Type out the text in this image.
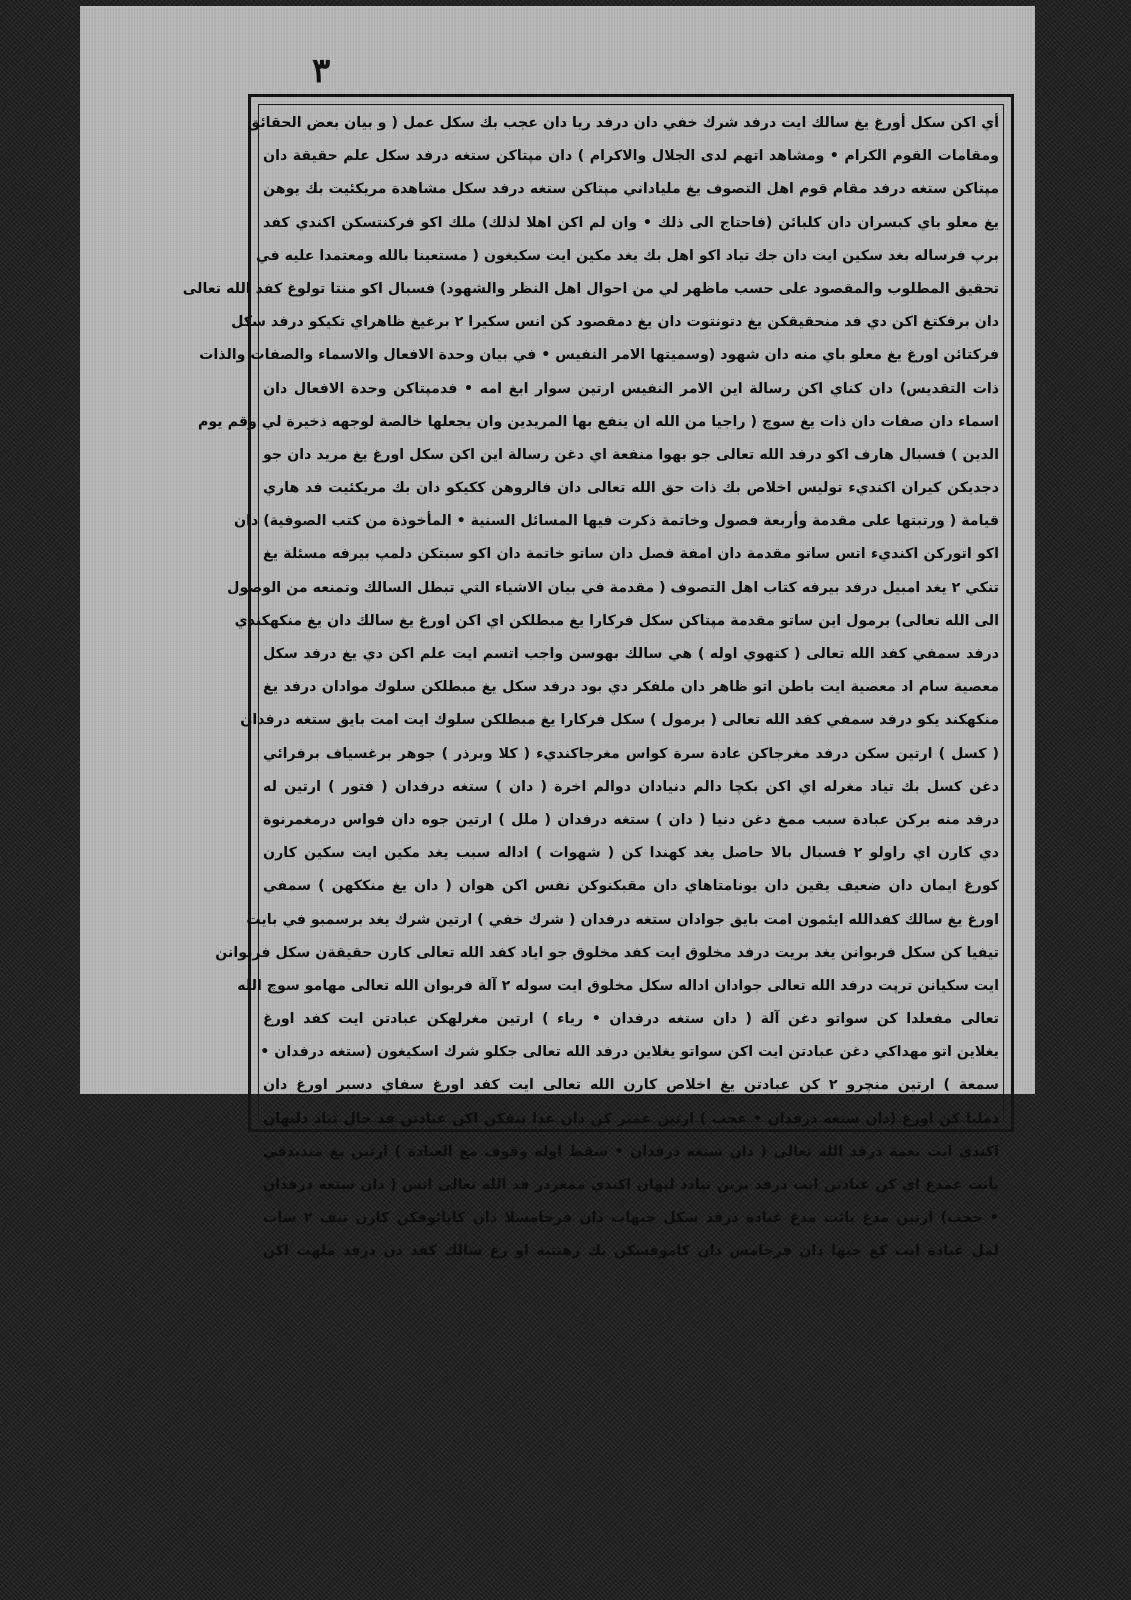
٣
أي اكن سكل أورغ يغ سالك ايت درفد شرك خفي دان درفد ريا دان عجب بك سكل عمل ( و بيان بعض الحقائق
ومقامات القوم الكرام • ومشاهد اتهم لدى الجلال والاكرام ) دان مپتاكن ستغه درفد سكل علم حقيقة دان
مپتاكن ستغه درفد مقام قوم اهل التصوف يغ ملياداني مپتاكن ستغه درفد سكل مشاهدة مريكئيت بك يوهن
يغ معلو باي كبسران دان كلبائن (فاحتاج الى ذلك • وان لم اكن اهلا لذلك) ملك اكو فركنتسكن اكندي كفد
برپ فرساله بغد سكين ايت دان جك تياد اكو اهل بك يغد مكين ايت سكيغون ( مستعينا بالله ومعتمدا عليه في
تحقيق المطلوب والمقصود على حسب ماظهر لي من احوال اهل النظر والشهود) فسبال اكو منتا تولوغ كفد الله تعالى
دان برفكتغ اكن دي فد منحقيقكن يغ دتونتوت دان يغ دمقصود كن انس سكيرا ٢ برغيغ ظاهراي تكيكو درفد سكل
فركتائن اورغ يغ معلو باي منه دان شهود (وسميتها الامر النفيس • في بيان وحدة الافعال والاسماء والصفات والذات
ذات التقديس) دان كناي اكن رسالة اين الامر النفيس ارتين سوار ابغ امه • فدمپتاكن وحدة الافعال دان
اسماء دان صفات دان ذات يغ سوچ ( راجيا من الله ان ينفع بها المريدين وان يجعلها خالصة لوجهه ذخيرة لي وقم يوم
الدين ) فسبال هارف اكو درفد الله تعالى جو بهوا منفعة اي دغن رسالة اين اكن سكل اورغ يغ مريد دان جو
دجديكن كيران اكنديء توليس اخلاص بك ذات حق الله تعالى دان فالروهن ككيكو دان بك مريكئيت فد هاري
قيامة ( ورتبتها على مقدمة وأربعة فصول وخاتمة ذكرت فيها المسائل السنية • المأخوذة من كتب الصوفية) دان
اكو اتوركن اكنديء اتس ساتو مقدمة دان امفة فصل دان ساتو خاتمة دان اكو سبتكن دلمپ بيرفه مسئلة يغ
تنكي ٢ يغد امبيل درفد بيرفه كتاب اهل التصوف ( مقدمة في بيان الاشياء التي تبطل السالك وتمنعه من الوصول
الى الله تعالى) برمول اين ساتو مقدمة مپتاكن سكل فركارا يغ مبطلكن اي اكن اورغ يغ سالك دان يغ منكهكندي
درفد سمفي كفد الله تعالى ( كتهوي اوله ) هي سالك بهوسن واجب اتسم ايت علم اكن دي يغ درفد سكل
معصية سام اد معصية ايت باطن اتو ظاهر دان ملفكر دي بود درفد سكل يغ مبطلكن سلوك موادان درفد يغ
منكهكند يكو درفد سمفي كفد الله تعالى ( برمول ) سكل فركارا يغ مبطلكن سلوك ايت امت بايق ستغه درفدان
( كسل ) ارتين سكن درفد مغرجاكن عادة سرة كواس مغرجاكنديء ( كلا وبرذر ) جوهر برغسياف برفرائي
دغن كسل بك تياد مغرله اي اكن بكچا دالم دنيادان دوالم اخرة ( دان ) ستغه درفدان ( فتور ) ارتين له
درفد منه بركن عبادة سبب ممغ دغن دنيا ( دان ) ستغه درفدان ( ملل ) ارتين جوه دان فواس درمغمرنوة
دي كارن اي راولو ٢ فسبال بالا حاصل يغد كهندا كن ( شهوات ) اداله سبب يغد مكين ايت سكين كارن
كورغ ايمان دان ضعيف يقين دان يونامتاهاي دان مقبكنوكن نفس اكن هوان ( دان يغ منككهن ) سمفي
اورغ يغ سالك كفدالله ايئمون امت بايق جوادان ستغه درفدان ( شرك خفي ) ارتين شرك يغد برسمبو في بايت
تيفيا كن سكل فربوانن يغد بريت درفد مخلوق ايت كفد مخلوق جو اياد كفد الله تعالى كارن حقيقةن سكل فربوانن
ايت سكيانن ترپت درفد الله تعالى جوادان اداله سكل مخلوق ايت سوله ٢ آلة فربوان الله تعالى مهامو سوچ الله
تعالى مفعلدا كن سواتو دغن آلة ( دان ستغه درفدان • رياء ) ارتين مغرلهكن عبادتن ايت كفد اورغ
يغلاين اتو مهداكي دغن عبادتن ايت اكن سواتو يغلاين درفد الله تعالى جكلو شرك اسكيغون (ستغه درفدان •
سمعة ) ارتين منچرو ٢ كن عبادتن يغ اخلاص كارن الله تعالى ايت كفد اورغ سفاي دسبر اورغ دان
دمليا كن اورغ (دان ستغه درفدان • عجب ) ارتين عمبر كن دان عدا بنقكن اكن عبادتن فد حال تياد دلپهان
اكندي ايت نعمة درفد الله تعالى ( دان ستغه درفدان • سقط اوله وقوف مع العبادة ) ارتين يغ منديدفي
يأنت عمدغ اي كن عبادتن ايت درفد بربن تيادد لپهان اكندي ممغردر فد الله تعالى اتس ( دان ستغه درفدان
• حجب) ارتين مدغ يائت مدغ عبادة درفد سكل جيهات دان فرجامسلا دان كايائوفكن كارن تيف ٢ سات
لمل عبادة ايت كغ جيها دان فرجامس دان كاموفسكن ڽك رهنتيه او رغ سالك كفد دن درفد ملهت اكن
